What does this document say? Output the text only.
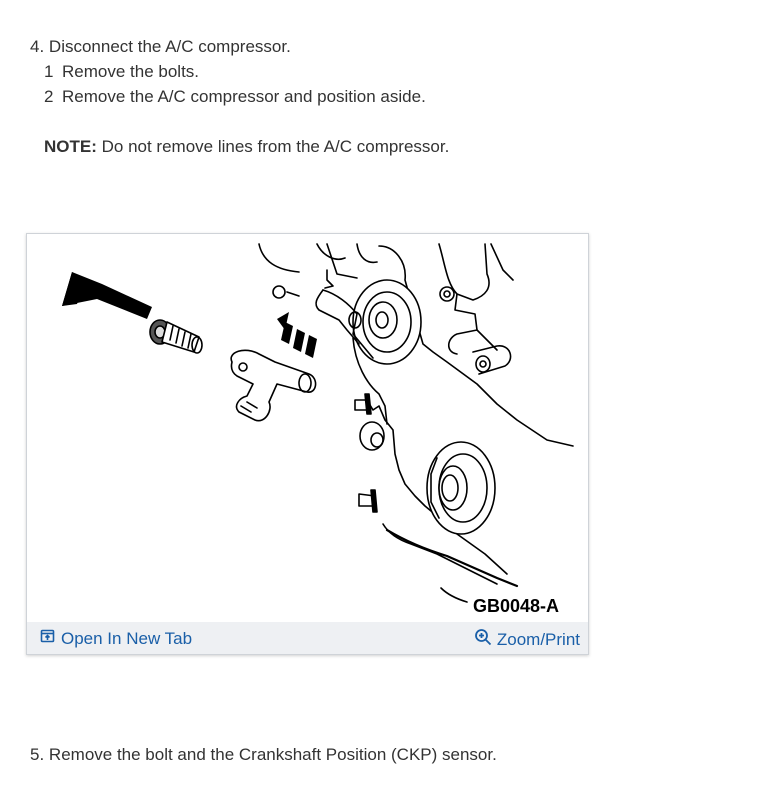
4. Disconnect the A/C compressor.
1 Remove the bolts.
2 Remove the A/C compressor and position aside.
NOTE: Do not remove lines from the A/C compressor.
GB0048-A
Open In New Tab	Zoom/Print
5. Remove the bolt and the Crankshaft Position (CKP) sensor.
